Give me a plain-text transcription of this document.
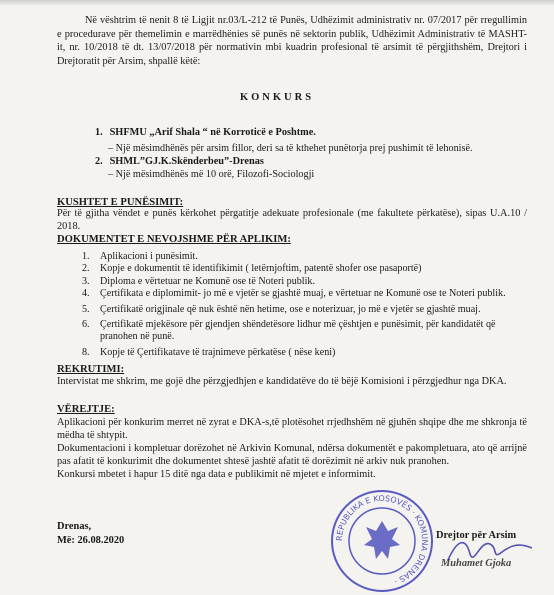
Në vështrim të nenit 8 të Ligjit nr.03/L-212 të Punës, Udhëzimit administrativ nr. 07/2017 për rregullimin e procedurave për themelimin e marrëdhënies së punës në sektorin publik, Udhëzimit Administrativ të MASHT-it, nr. 10/2018 të dt. 13/07/2018 për normativin mbi kuadrin profesional të arsimit të përgjithshëm, Drejtori i Drejtoratit për Arsim, shpallë këtë:
KONKURS
1. SHFMU „Arif Shala “ në Korroticë e Poshtme.
– Një mësimdhënës për arsim fillor, deri sa të kthehet punëtorja prej pushimit të lehonisë.
2. SHML”GJ.K.Skënderbeu”-Drenas
– Një mësimdhënës më 10 orë, Filozofi-Sociologji
KUSHTET E PUNËSIMIT:
Për të gjitha vëndet e punës kërkohet përgatitje adekuate profesionale (me fakultete përkatëse), sipas U.A.10 / 2018.
DOKUMENTET E NEVOJSHME PËR APLIKIM:
1.	Aplikacioni i punësimit.
2.	Kopje e dokumentit të identifikimit ( letërnjoftim, patentë shofer ose pasaportë)
3.	Diploma e vërtetuar ne Komunë ose të Noteri publik.
4.	Çertifikata e diplomimit- jo më e vjetër se gjashtë muaj, e vërtetuar ne Komunë ose te Noteri publik.
5.	Çertifikatë origjinale që nuk është nën hetime, ose e noterizuar, jo më e vjetër se gjashtë muaj.
6.	Çertifikatë mjekësore për gjendjen shëndetësore lidhur më çështjen e punësimit, për kandidatët që pranohen në punë.
8.	Kopje të Çertifikatave të trajnimeve përkatëse ( nëse keni)
REKRUTIMI:
Intervistat me shkrim, me gojë dhe përzgjedhjen e kandidatëve do të bëjë Komisioni i përzgjedhur nga DKA.
VËREJTJE:
Aplikacioni për konkurim merret në zyrat e DKA-s,të plotësohet rrjedhshëm në gjuhën shqipe dhe me shkronja të mëdha të shtypit.
Dokumentacioni i kompletuar dorëzohet në Arkivin Komunal, ndërsa dokumentët e pakompletuara, ato që arrijnë pas afatit të konkurimit dhe dokumentet shtesë jashtë afatit të dorëzimit në arkiv nuk pranohen.
Konkursi mbetet i hapur 15 ditë nga data e publikimit në mjetet e informimit.
Drenas,
Më: 26.08.2020	REPUBLIKA E KOSOVËS · KOMUNA DRENAS ·
Drejtor për Arsim
Muhamet Gjoka
